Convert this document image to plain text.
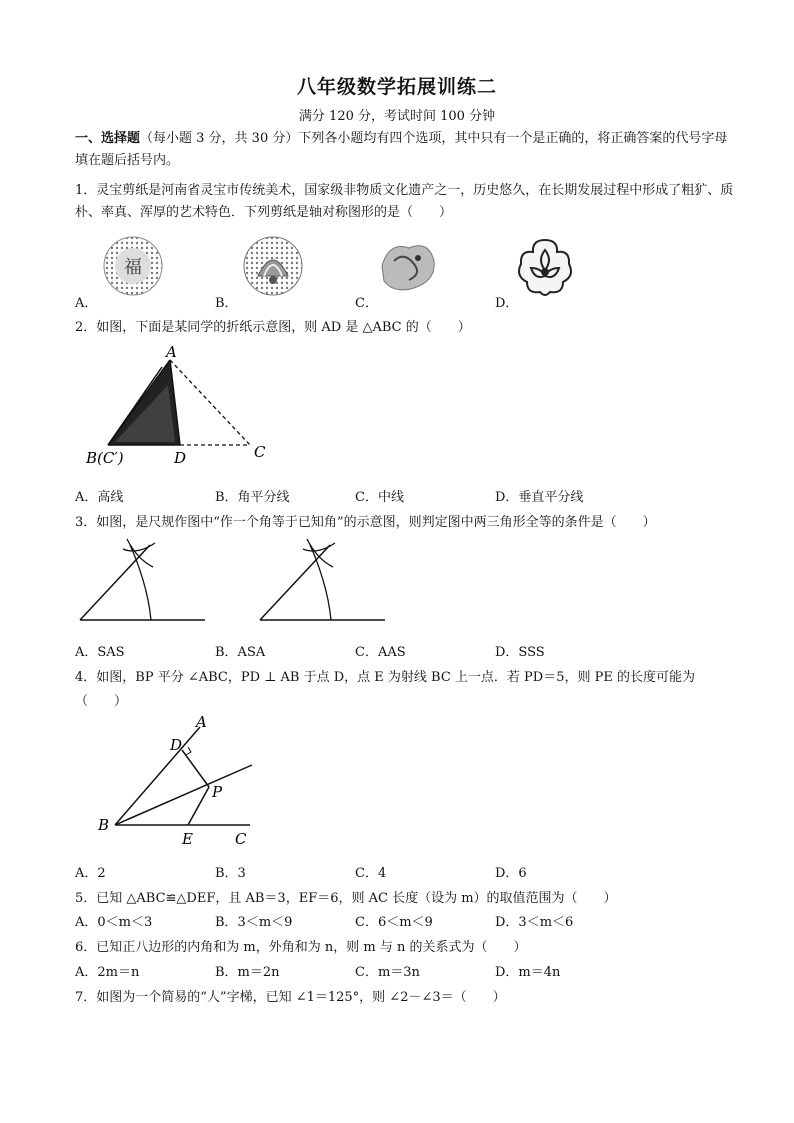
八年级数学拓展训练二
满分 120 分，考试时间 100 分钟
一、选择题（每小题 3 分，共 30 分）下列各小题均有四个选项，其中只有一个是正确的，将正确答案的代号字母填在题后括号内。
1．灵宝剪纸是河南省灵宝市传统美术，国家级非物质文化遗产之一，历史悠久，在长期发展过程中形成了粗犷、质朴、率真、浑厚的艺术特色．下列剪纸是轴对称图形的是（　　）
福
A．	B．	C．	D．
2．如图，下面是某同学的折纸示意图，则 AD 是 △ABC 的（　　）
A
B(C′)	D	C
A．高线	B．角平分线	C．中线	D．垂直平分线
3．如图，是尺规作图中“作一个角等于已知角”的示意图，则判定图中两三角形全等的条件是（　　）
A．SAS	B．ASA	C．AAS	D．SSS
4．如图，BP 平分 ∠ABC，PD ⊥ AB 于点 D，点 E 为射线 BC 上一点．若 PD＝5，则 PE 的长度可能为
（　　）
A
D
P
B
E	C
A．2	B．3	C．4	D．6
5．已知 △ABC≌△DEF，且 AB＝3，EF＝6，则 AC 长度（设为 m）的取值范围为（　　）
A．0＜m＜3	B．3＜m＜9	C．6＜m＜9	D．3＜m＜6
6．已知正八边形的内角和为 m，外角和为 n，则 m 与 n 的关系式为（　　）
A．2m＝n	B．m＝2n	C．m＝3n	D．m＝4n
7．如图为一个简易的“人”字梯，已知 ∠1＝125°，则 ∠2－∠3＝（　　）
